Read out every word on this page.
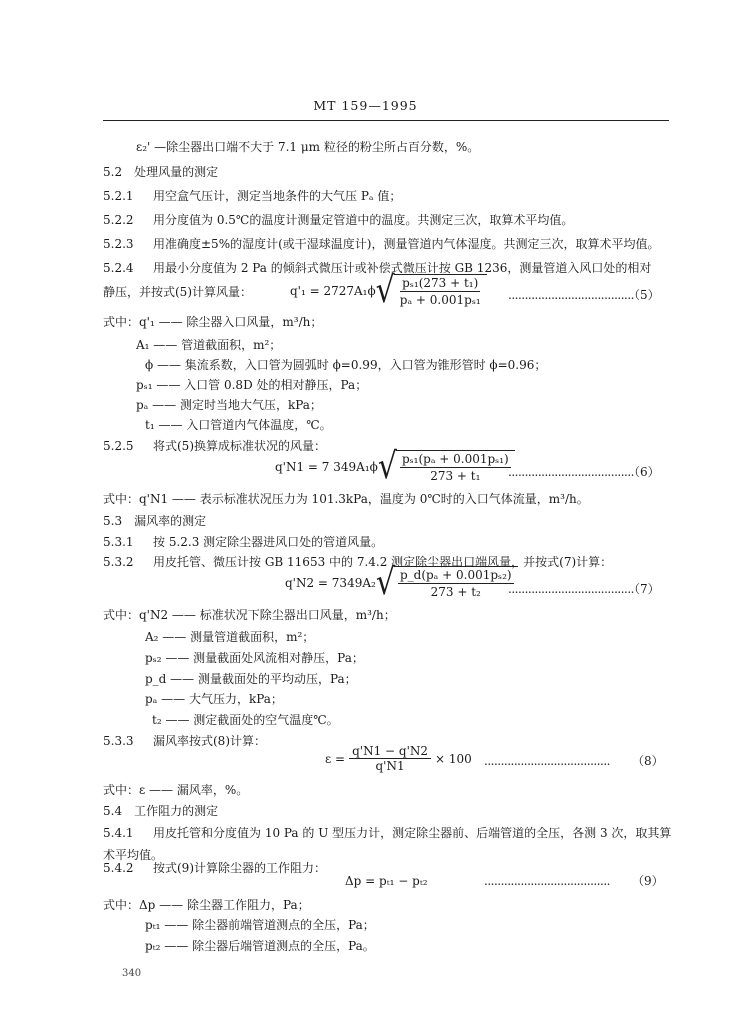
MT 159—1995
ε₂' —除尘器出口端不大于 7.1 μm 粒径的粉尘所占百分数，%。
5.2　处理风量的测定
5.2.1 用空盒气压计，测定当地条件的大气压 Pₐ 值；
5.2.2 用分度值为 0.5℃的温度计测量定管道中的温度。共测定三次，取算术平均值。
5.2.3 用准确度±5%的湿度计(或干湿球温度计)，测量管道内气体湿度。共测定三次，取算术平均值。
5.2.4 用最小分度值为 2 Pa 的倾斜式微压计或补偿式微压计按 GB 1236，测量管道入风口处的相对
静压，并按式(5)计算风量：	q'₁ = 2727A₁ϕ √ $\frac{\text{pₛ₁(273 + t₁)}}{\text{pₐ + 0.001pₛ₁}}$ ......................................
（5）
式中：q'₁ —— 除尘器入口风量，m³/h；
A₁ —— 管道截面积，m²；
ϕ —— 集流系数，入口管为圆弧时 ϕ=0.99，入口管为锥形管时 ϕ=0.96；
pₛ₁ —— 入口管 0.8D 处的相对静压，Pa；
pₐ —— 测定时当地大气压，kPa；
t₁ —— 入口管道内气体温度，℃。
5.2.5 将式(5)换算成标准状况的风量：
q'N1 = 7 349A₁ϕ √ $\frac{\text{pₛ₁(pₐ + 0.001pₛ₁)}}{\text{273 + t₁}}$
......................................
（6）
式中：q'N1 —— 表示标准状况压力为 101.3kPa，温度为 0℃时的入口气体流量，m³/h。
5.3　漏风率的测定
5.3.1 按 5.2.3 测定除尘器进风口处的管道风量。
5.3.2 用皮托管、微压计按 GB 11653 中的 7.4.2 测定除尘器出口端风量，并按式(7)计算：
q'N2 = 7349A₂ √ $\frac{\text{p\_d(pₐ + 0.001pₛ₂)}}{\text{273 + t₂}}$
......................................
（7）
式中：q'N2 —— 标准状况下除尘器出口风量，m³/h；
A₂ —— 测量管道截面积，m²；
pₛ₂ —— 测量截面处风流相对静压，Pa；
p_d —— 测量截面处的平均动压，Pa；
pₐ —— 大气压力，kPa；
t₂ —— 测定截面处的空气温度℃。
5.3.3 漏风率按式(8)计算：
$\varepsilon = \frac{q'N1 - q'N2}{q'N1} \times 100$ ...................................... （8）
式中：ε —— 漏风率，%。
5.4　工作阻力的测定
5.4.1 用皮托管和分度值为 10 Pa 的 U 型压力计，测定除尘器前、后端管道的全压，各测 3 次，取其算
术平均值。
5.4.2 按式(9)计算除尘器的工作阻力：
Δp = pₜ₁ − pₜ₂	...................................... （9）
式中：Δp —— 除尘器工作阻力，Pa；
pₜ₁ —— 除尘器前端管道测点的全压，Pa；
pₜ₂ —— 除尘器后端管道测点的全压，Pa。
340
